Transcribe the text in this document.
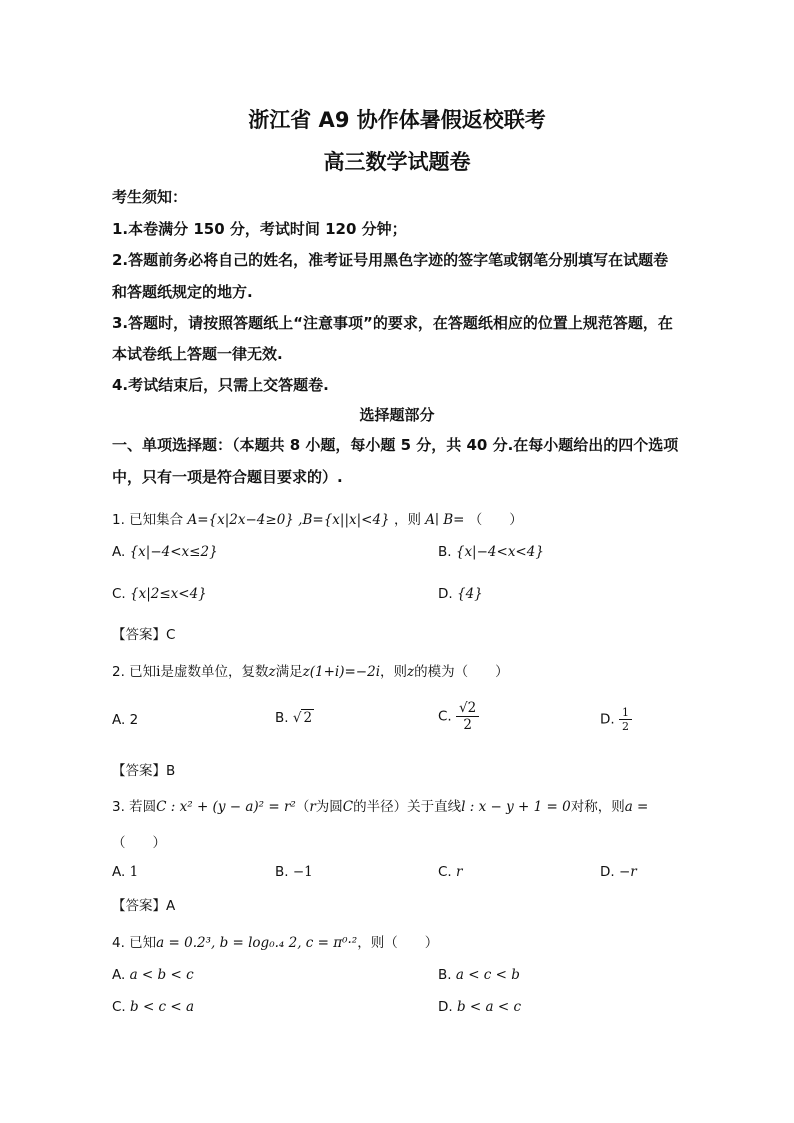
浙江省 A9 协作体暑假返校联考
高三数学试题卷
考生须知：
1.本卷满分 150 分，考试时间 120 分钟；
2.答题前务必将自己的姓名，准考证号用黑色字迹的签字笔或钢笔分别填写在试题卷
和答题纸规定的地方.
3.答题时，请按照答题纸上“注意事项”的要求，在答题纸相应的位置上规范答题，在
本试卷纸上答题一律无效.
4.考试结束后，只需上交答题卷.
选择题部分
一、单项选择题：（本题共 8 小题，每小题 5 分，共 40 分.在每小题给出的四个选项
中，只有一项是符合题目要求的）.
1. 已知集合 A={x|2x−4≥0} ,B={x||x|<4} ，则 A∣ B= （　　）
A. {x|−4<x≤2}	B. {x|−4<x<4}
C. {x|2≤x<4}	D. {4}
【答案】C
2. 已知i是虚数单位，复数z满足z(1+i)=−2i，则z的模为（　　）
A. 2	B. √ 2	C. $\frac{√2}{2}$	D. $\frac{1}{2}$
【答案】B
3. 若圆C : x² + (y − a)² = r²（r为圆C的半径）关于直线l : x − y + 1 = 0对称，则a =
（　　）
A. 1	B. −1	C. r	D. −r
【答案】A
4. 已知a = 0.2³, b = log₀.₄ 2, c = π⁰·²，则（　　）
A. a < b < c	B. a < c < b
C. b < c < a	D. b < a < c
